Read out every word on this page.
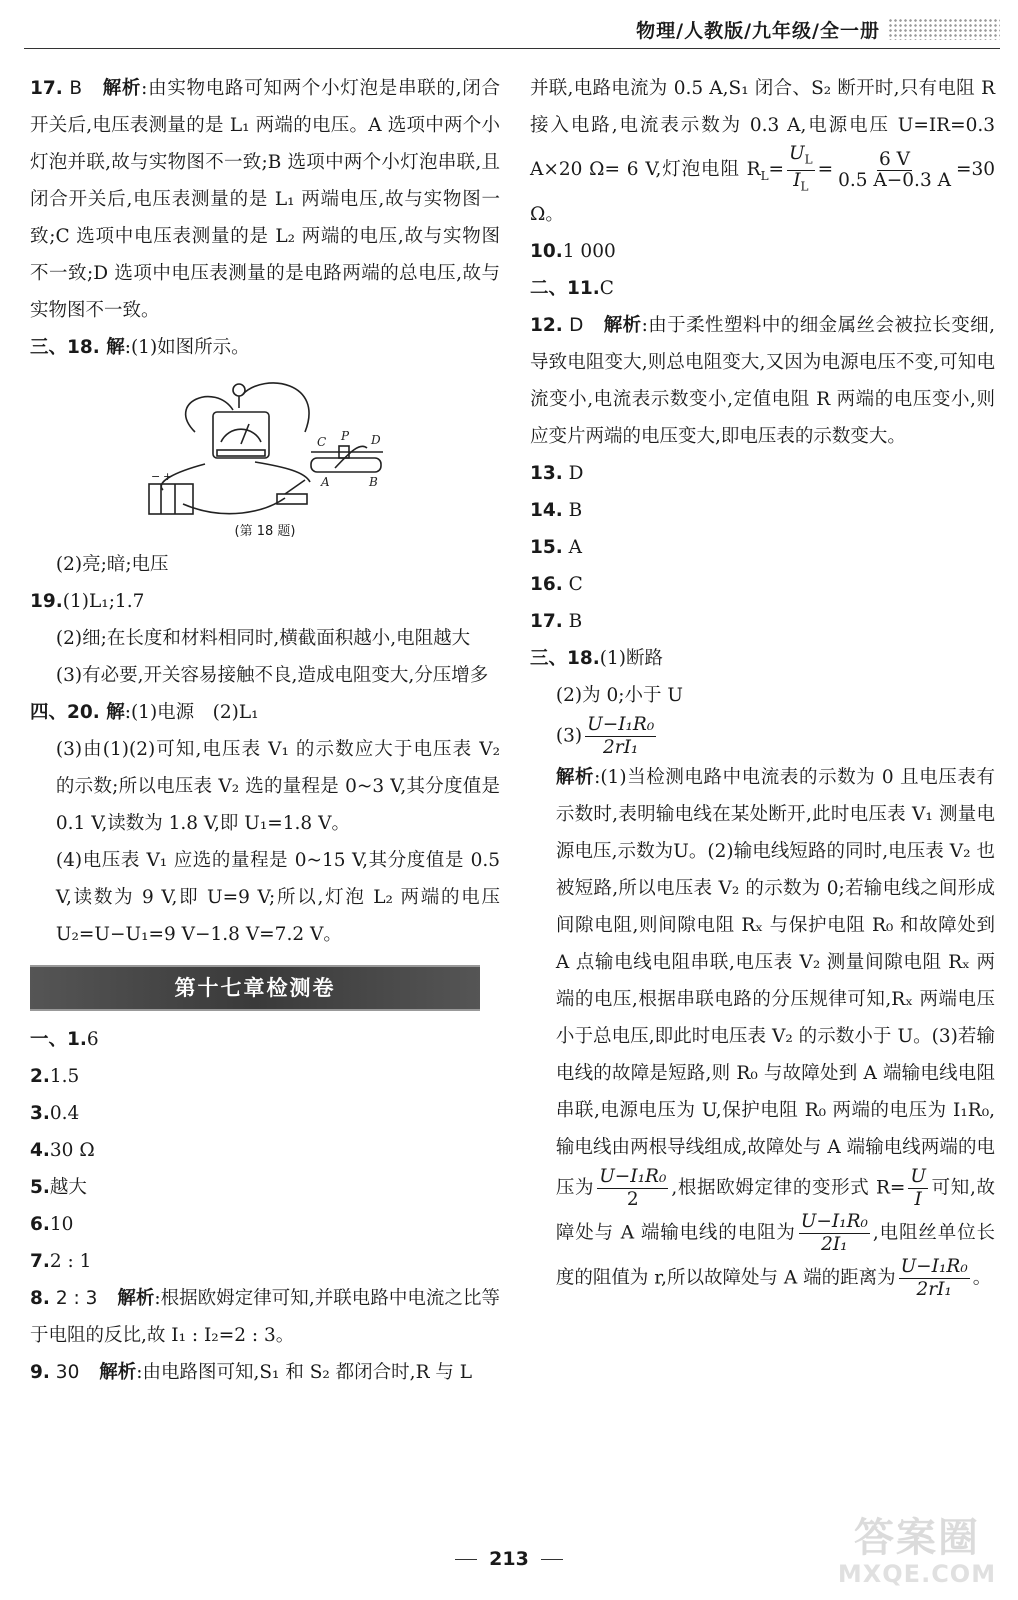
物理/人教版/九年级/全一册

17. B 解析:由实物电路可知两个小灯泡是串联的,闭合开关后,电压表测量的是 L₁ 两端的电压。A 选项中两个小灯泡并联,故与实物图不一致;B 选项中两个小灯泡串联,且闭合开关后,电压表测量的是 L₁ 两端电压,故与实物图一致;C 选项中电压表测量的是 L₂ 两端的电压,故与实物图不一致;D 选项中电压表测量的是电路两端的总电压,故与实物图不一致。

三、18. 解:(1)如图所示。

C P D
A	B
+
−
(第 18 题)

(2)亮;暗;电压

19.(1)L₁;1.7

(2)细;在长度和材料相同时,横截面积越小,电阻越大

(3)有必要,开关容易接触不良,造成电阻变大,分压增多

四、20. 解:(1)电源　(2)L₁

(3)由(1)(2)可知,电压表 V₁ 的示数应大于电压表 V₂ 的示数;所以电压表 V₂ 选的量程是 0~3 V,其分度值是 0.1 V,读数为 1.8 V,即 U₁=1.8 V。

(4)电压表 V₁ 应选的量程是 0~15 V,其分度值是 0.5 V,读数为 9 V,即 U=9 V;所以,灯泡 L₂ 两端的电压U₂=U−U₁=9 V−1.8 V=7.2 V。

第十七章检测卷

一、1.6

2.1.5

3.0.4

4.30 Ω

5.越大

6.10

7.2 : 1

8. 2 : 3 解析:根据欧姆定律可知,并联电路中电流之比等于电阻的反比,故 I₁ : I₂=2 : 3。

9. 30 解析:由电路图可知,S₁ 和 S₂ 都闭合时,R 与 L

并联,电路电流为 0.5 A,S₁ 闭合、S₂ 断开时,只有电阻 R 接入电路,电流表示数为 0.3 A,电源电压 U=IR=0.3 A×20 Ω= 6 V,灯泡电阻 $R_L= \frac{U_L}{I_L} = \frac{6 V}{0.5 A-0.3 A} =30$ Ω。

10.1 000

二、11.C

12. D 解析:由于柔性塑料中的细金属丝会被拉长变细,导致电阻变大,则总电阻变大,又因为电源电压不变,可知电流变小,电流表示数变小,定值电阻 R 两端的电压变小,则应变片两端的电压变大,即电压表的示数变大。

13. D

14. B

15. A

16. C

17. B

三、18.(1)断路

(2)为 0;小于 U

$(3) \frac{\text{U−I₁R₀}}{\text{2rI₁}}$

解析:(1)当检测电路中电流表的示数为 0 且电压表有示数时,表明输电线在某处断开,此时电压表 V₁ 测量电源电压,示数为U。(2)输电线短路的同时,电压表 V₂ 也被短路,所以电压表 V₂ 的示数为 0;若输电线之间形成间隙电阻,则间隙电阻 Rₓ 与保护电阻 R₀ 和故障处到 A 点输电线电阻串联,电压表 V₂ 测量间隙电阻 Rₓ 两端的电压,根据串联电路的分压规律可知,Rₓ 两端电压小于总电压,即此时电压表 V₂ 的示数小于 U。(3)若输电线的故障是短路,则 R₀ 与故障处到 A 端输电线电阻串联,电源电压为 U,保护电阻 R₀ 两端的电压为 I₁R₀,输电线由两根导线组成,故障处与 A 端输电线两端的电压为 $\frac{\text{U−I₁R₀}}{2}$ ,根据欧姆定律的变形式 $R= \frac{U}{I}$ 可知,故障处与 A 端输电线的电阻为 $\frac{\text{U−I₁R₀}}{\text{2I₁}}$ ,电阻丝单位长度的阻值为 r,所以故障处与 A 端的距离为 $\frac{\text{U−I₁R₀}}{\text{2rI₁}}$ 。

213	答案圈
MXQE.COM
